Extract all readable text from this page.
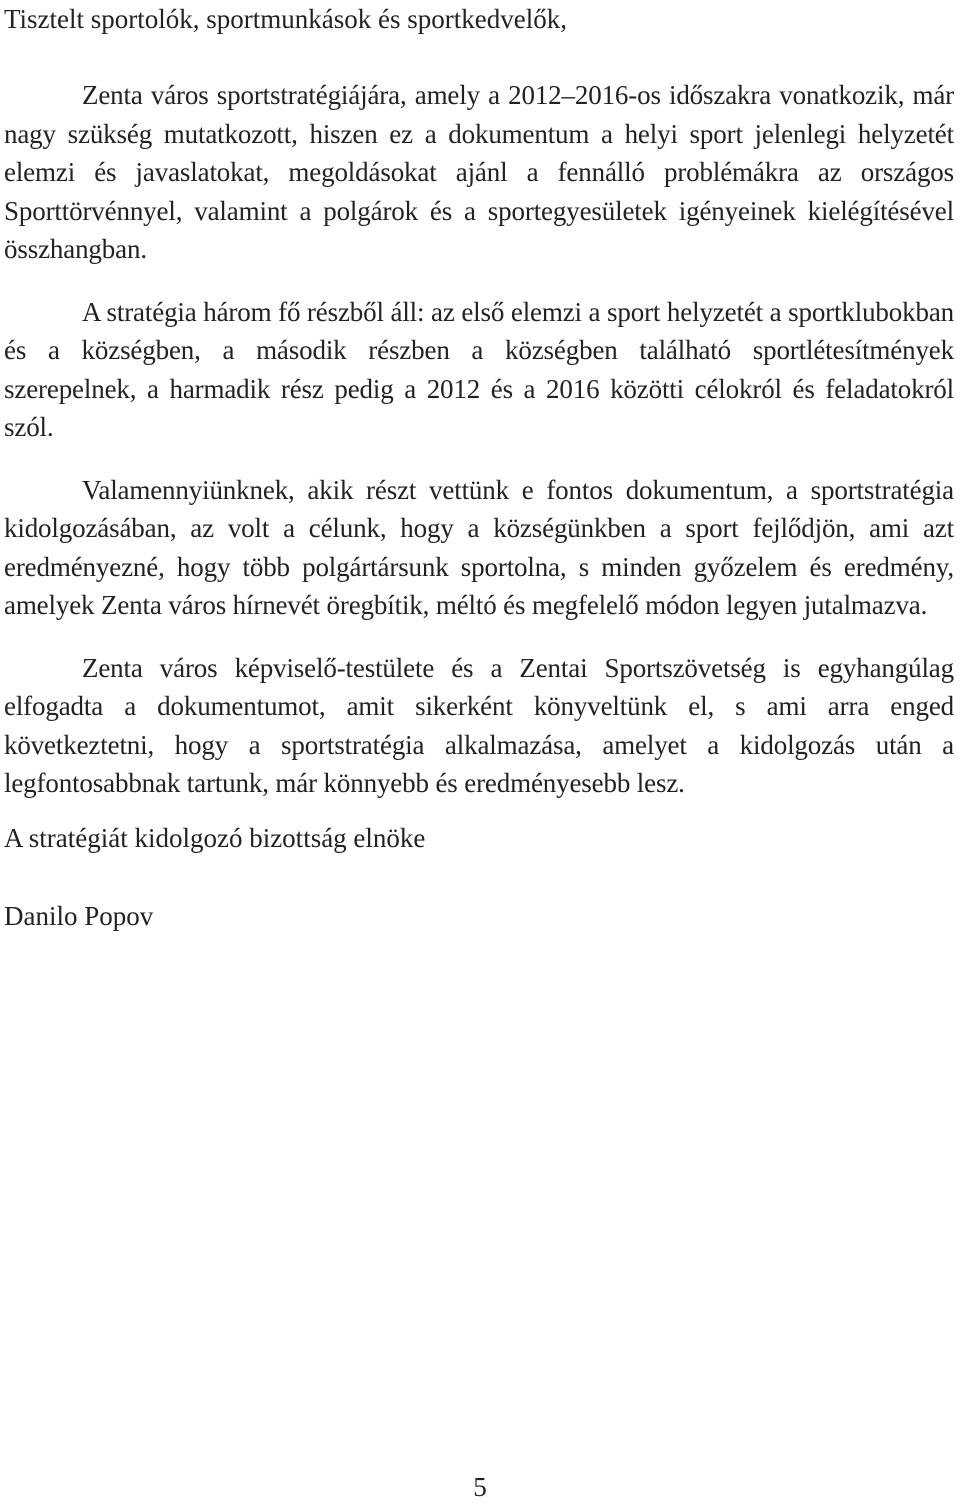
Tisztelt sportolók, sportmunkások és sportkedvelők,

Zenta város sportstratégiájára, amely a 2012–2016-os időszakra vonatkozik, már nagy szükség mutatkozott, hiszen ez a dokumentum a helyi sport jelenlegi helyzetét elemzi és javaslatokat, megoldásokat ajánl a fennálló problémákra az országos Sporttörvénnyel, valamint a polgárok és a sportegyesületek igényeinek kielégítésével összhangban.

A stratégia három fő részből áll: az első elemzi a sport helyzetét a sportklubokban és a községben, a második részben a községben található sportlétesítmények szerepelnek, a harmadik rész pedig a 2012 és a 2016 közötti célokról és feladatokról szól.

Valamennyiünknek, akik részt vettünk e fontos dokumentum, a sportstratégia kidolgozásában, az volt a célunk, hogy a községünkben a sport fejlődjön, ami azt eredményezné, hogy több polgártársunk sportolna, s minden győzelem és eredmény, amelyek Zenta város hírnevét öregbítik, méltó és megfelelő módon legyen jutalmazva.

Zenta város képviselő-testülete és a Zentai Sportszövetség is egyhangúlag elfogadta a dokumentumot, amit sikerként könyveltünk el, s ami arra enged következtetni, hogy a sportstratégia alkalmazása, amelyet a kidolgozás után a legfontosabbnak tartunk, már könnyebb és eredményesebb lesz.

A stratégiát kidolgozó bizottság elnöke

Danilo Popov

5
